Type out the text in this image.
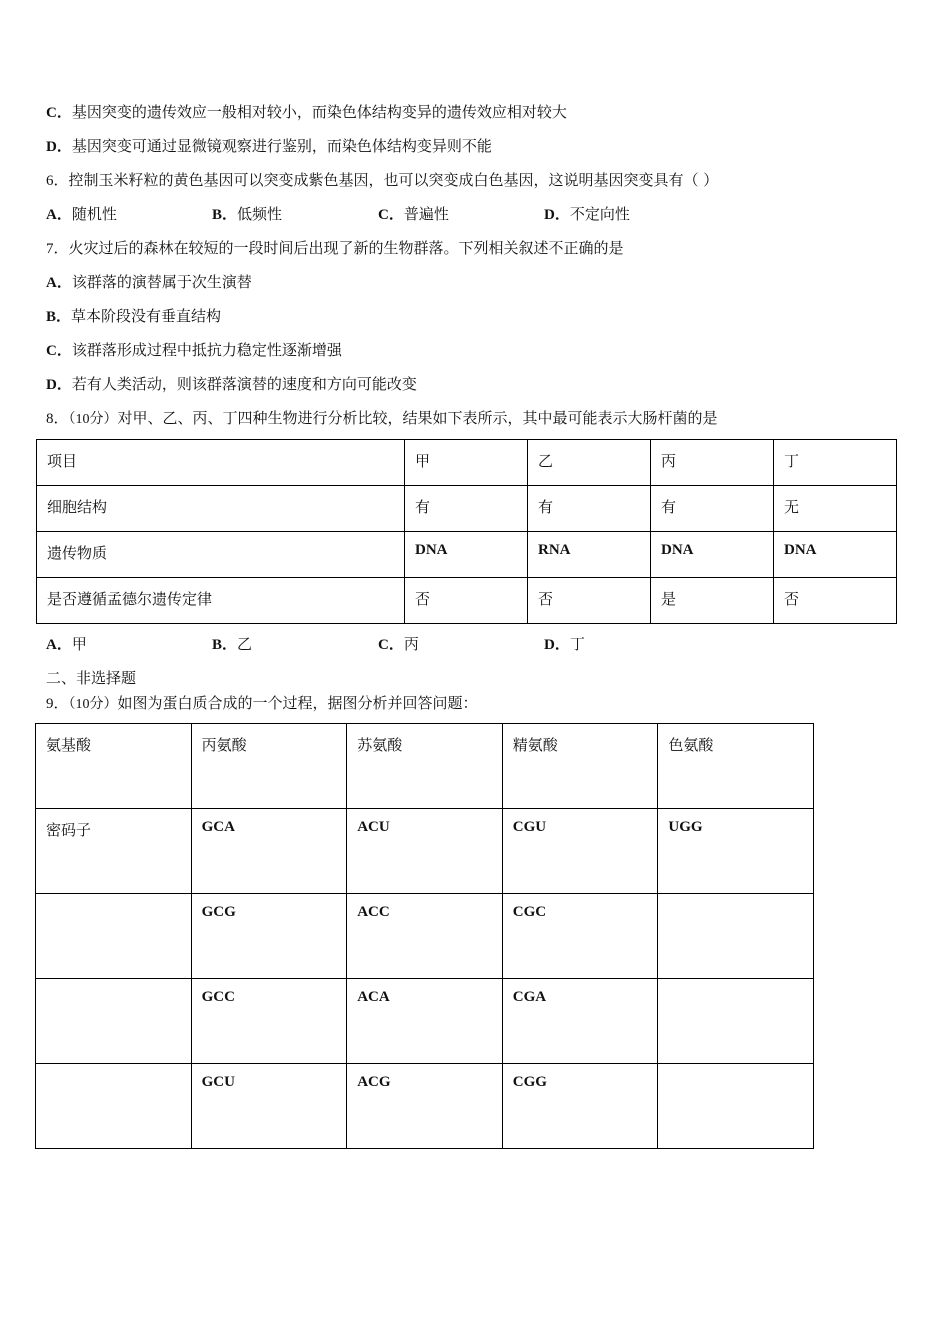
C．基因突变的遗传效应一般相对较小，而染色体结构变异的遗传效应相对较大
D．基因突变可通过显微镜观察进行鉴别，而染色体结构变异则不能
6．控制玉米籽粒的黄色基因可以突变成紫色基因，也可以突变成白色基因，这说明基因突变具有（ ）
A．随机性	B．低频性	C．普遍性	D．不定向性
7．火灾过后的森林在较短的一段时间后出现了新的生物群落。下列相关叙述不正确的是
A．该群落的演替属于次生演替
B．草本阶段没有垂直结构
C．该群落形成过程中抵抗力稳定性逐渐增强
D．若有人类活动，则该群落演替的速度和方向可能改变
8．（10分）对甲、乙、丙、丁四种生物进行分析比较，结果如下表所示，其中最可能表示大肠杆菌的是
项目	甲	乙	丙	丁
细胞结构	有	有	有	无
遗传物质	DNA	RNA	DNA	DNA
是否遵循孟德尔遗传定律	否	否	是	否
A．甲	B．乙	C．丙	D．丁
二、非选择题
9．（10分）如图为蛋白质合成的一个过程，据图分析并回答问题：
氨基酸	丙氨酸	苏氨酸	精氨酸	色氨酸
密码子	GCA	ACU	CGU	UGG
	GCG	ACC	CGC	
	GCC	ACA	CGA	
	GCU	ACG	CGG	
